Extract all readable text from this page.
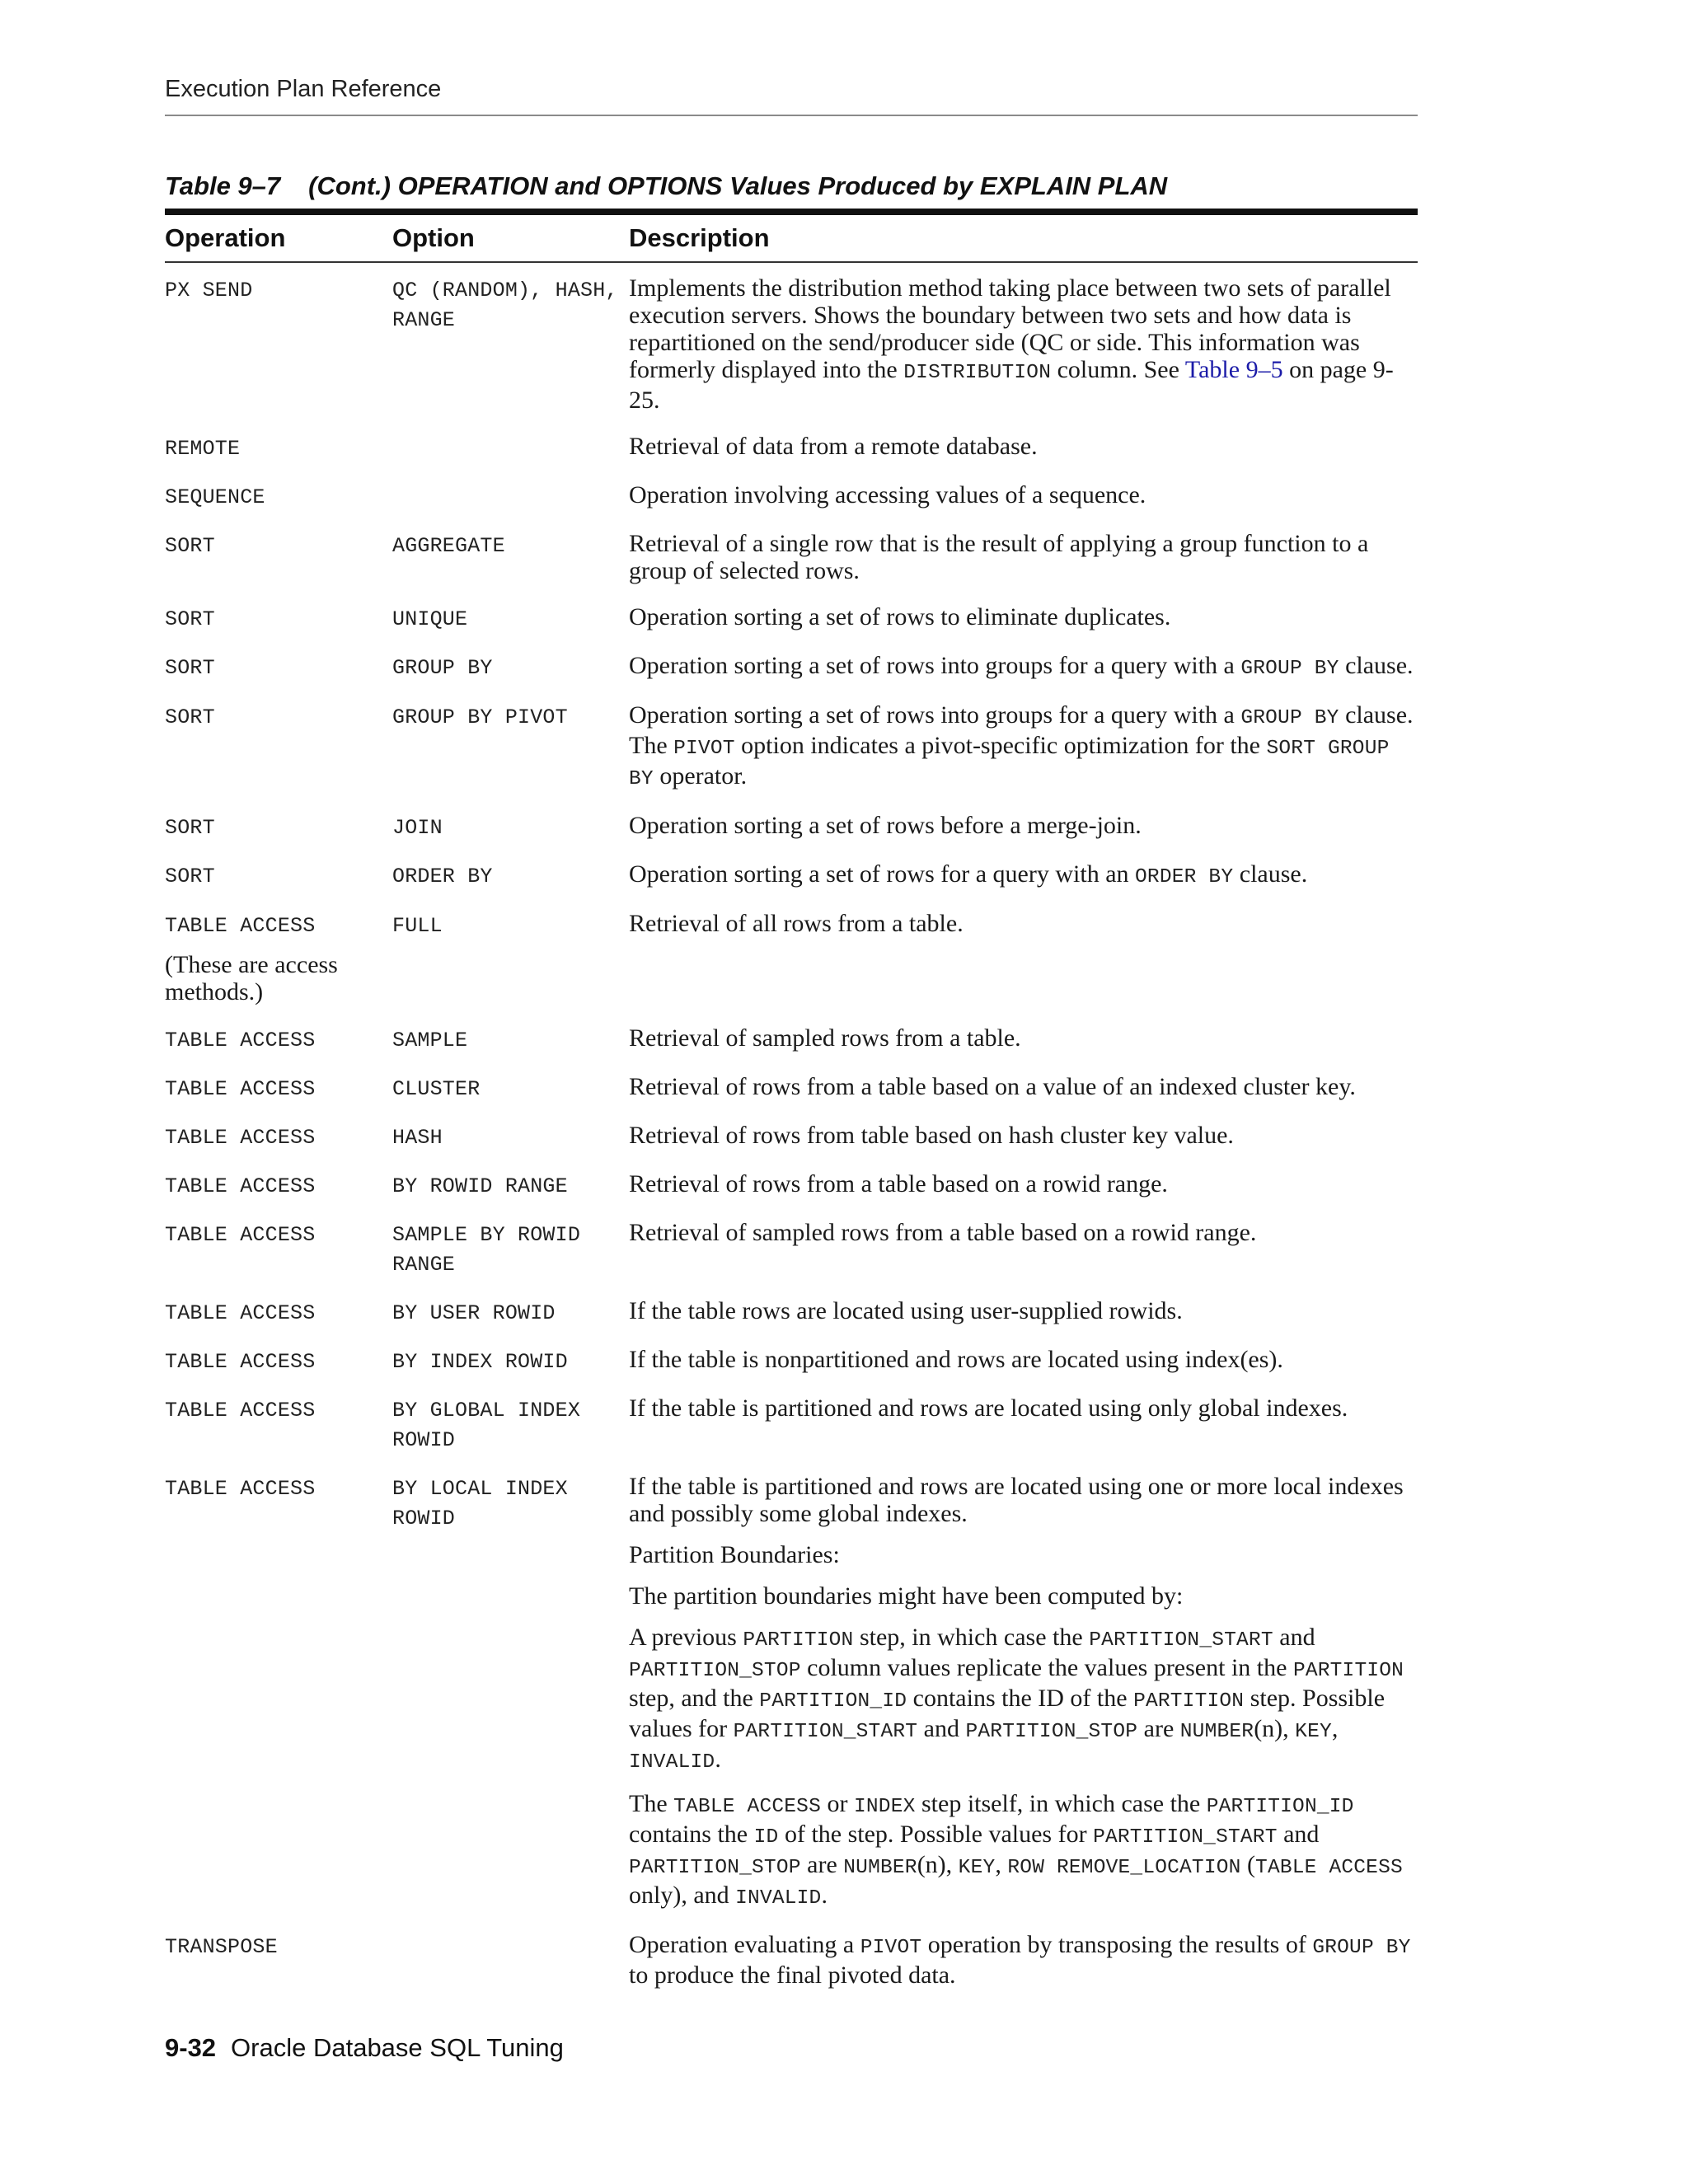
Execution Plan Reference
Table 9–7 (Cont.) OPERATION and OPTIONS Values Produced by EXPLAIN PLAN
Operation	Option	Description
PX SEND	QC (RANDOM), HASH, RANGE	Implements the distribution method taking place between two sets of parallel execution servers. Shows the boundary between two sets and how data is repartitioned on the send/producer side (QC or side. This information was formerly displayed into the DISTRIBUTION column. See Table 9–5 on page 9-25.
REMOTE		Retrieval of data from a remote database.
SEQUENCE		Operation involving accessing values of a sequence.
SORT	AGGREGATE	Retrieval of a single row that is the result of applying a group function to a group of selected rows.
SORT	UNIQUE	Operation sorting a set of rows to eliminate duplicates.
SORT	GROUP BY	Operation sorting a set of rows into groups for a query with a GROUP BY clause.
SORT	GROUP BY PIVOT	Operation sorting a set of rows into groups for a query with a GROUP BY clause. The PIVOT option indicates a pivot-specific optimization for the SORT GROUP BY operator.
SORT	JOIN	Operation sorting a set of rows before a merge-join.
SORT	ORDER BY	Operation sorting a set of rows for a query with an ORDER BY clause.
TABLE ACCESS	FULL	Retrieval of all rows from a table.
(These are access methods.)		
TABLE ACCESS	SAMPLE	Retrieval of sampled rows from a table.
TABLE ACCESS	CLUSTER	Retrieval of rows from a table based on a value of an indexed cluster key.
TABLE ACCESS	HASH	Retrieval of rows from table based on hash cluster key value.
TABLE ACCESS	BY ROWID RANGE	Retrieval of rows from a table based on a rowid range.
TABLE ACCESS	SAMPLE BY ROWID RANGE	Retrieval of sampled rows from a table based on a rowid range.
TABLE ACCESS	BY USER ROWID	If the table rows are located using user-supplied rowids.
TABLE ACCESS	BY INDEX ROWID	If the table is nonpartitioned and rows are located using index(es).
TABLE ACCESS	BY GLOBAL INDEX ROWID	If the table is partitioned and rows are located using only global indexes.
TABLE ACCESS	BY LOCAL INDEX ROWID	If the table is partitioned and rows are located using one or more local indexes and possibly some global indexes.

Partition Boundaries:

The partition boundaries might have been computed by:

A previous PARTITION step, in which case the PARTITION_START and PARTITION_STOP column values replicate the values present in the PARTITION step, and the PARTITION_ID contains the ID of the PARTITION step. Possible values for PARTITION_START and PARTITION_STOP are NUMBER(n), KEY, INVALID.

The TABLE ACCESS or INDEX step itself, in which case the PARTITION_ID contains the ID of the step. Possible values for PARTITION_START and PARTITION_STOP are NUMBER(n), KEY, ROW REMOVE_LOCATION (TABLE ACCESS only), and INVALID.

TRANSPOSE		Operation evaluating a PIVOT operation by transposing the results of GROUP BY to produce the final pivoted data.
9-32 Oracle Database SQL Tuning
